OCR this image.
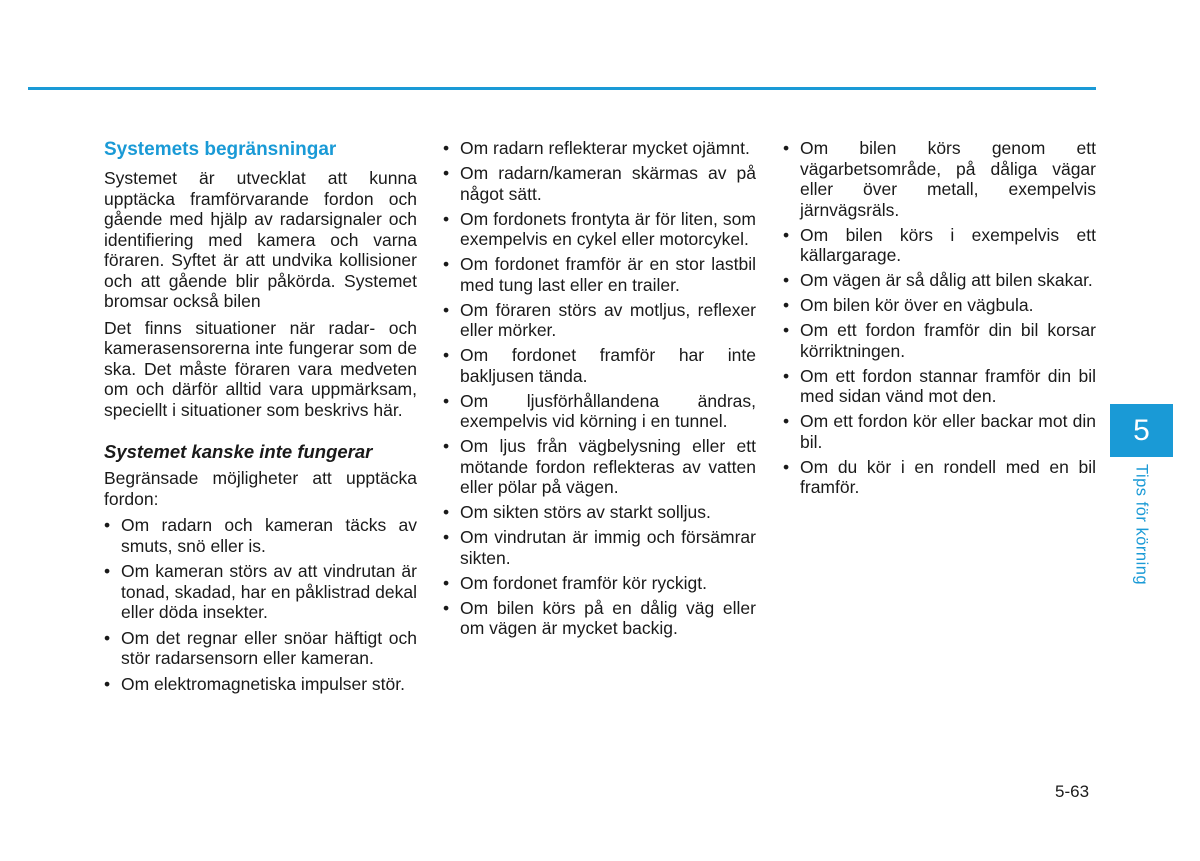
Systemets begränsningar

Systemet är utvecklat att kunna upptäcka framförvarande fordon och gående med hjälp av radarsignaler och identifiering med kamera och varna föraren. Syftet är att undvika kollisioner och att gående blir påkörda. Systemet bromsar också bilen

Det finns situationer när radar- och kamerasensorerna inte fungerar som de ska. Det måste föraren vara medveten om och därför alltid vara uppmärksam, speciellt i situationer som beskrivs här.

Systemet kanske inte fungerar

Begränsade möjligheter att upptäcka fordon:

• Om radarn och kameran täcks av smuts, snö eller is.
• Om kameran störs av att vindrutan är tonad, skadad, har en påklistrad dekal eller döda insekter.
• Om det regnar eller snöar häftigt och stör radarsensorn eller kameran.
• Om elektromagnetiska impulser stör.
• Om radarn reflekterar mycket ojämnt.
• Om radarn/kameran skärmas av på något sätt.
• Om fordonets frontyta är för liten, som exempelvis en cykel eller motorcykel.
• Om fordonet framför är en stor lastbil med tung last eller en trailer.
• Om föraren störs av motljus, reflexer eller mörker.
• Om fordonet framför har inte bakljusen tända.
• Om ljusförhållandena ändras, exempelvis vid körning i en tunnel.
• Om ljus från vägbelysning eller ett mötande fordon reflekteras av vatten eller pölar på vägen.
• Om sikten störs av starkt solljus.
• Om vindrutan är immig och försämrar sikten.
• Om fordonet framför kör ryckigt.
• Om bilen körs på en dålig väg eller om vägen är mycket backig.
• Om bilen körs genom ett vägarbetsområde, på dåliga vägar eller över metall, exempelvis järnvägsräls.
• Om bilen körs i exempelvis ett källargarage.
• Om vägen är så dålig att bilen skakar.
• Om bilen kör över en vägbula.
• Om ett fordon framför din bil korsar körriktningen.
• Om ett fordon stannar framför din bil med sidan vänd mot den.
• Om ett fordon kör eller backar mot din bil.
• Om du kör i en rondell med en bil framför.
5
Tips för körning
5-63
